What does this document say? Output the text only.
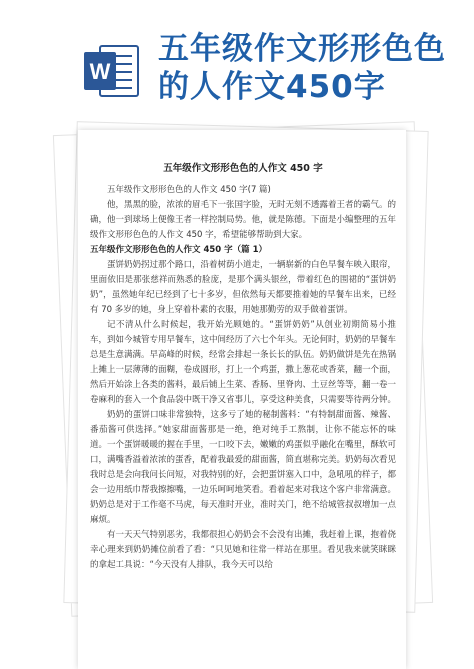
W
五年级作文形形色色的人作文450字
五年级作文形形色色的人作文 450 字

五年级作文形形色色的人作文 450 字(7 篇)

他，黑黑的脸，浓浓的眉毛下一张国字脸，无时无刻不透露着王者的霸气。的确，他一到球场上便像王者一样控制局势。他，就是陈德。下面是小编整理的五年级作文形形色色的人作文 450 字，希望能够帮助到大家。

五年级作文形形色色的人作文 450 字（篇 1）

蛋饼奶奶拐过那个路口，沿着树荫小道走，一辆崭新的白色早餐车映入眼帘，里面依旧是那张慈祥而熟悉的脸庞，是那个满头银丝，带着红色的围裙的“蛋饼奶奶”，虽然她年纪已经到了七十多岁，但依然每天都要推着她的早餐车出来，已经有 70 多岁的她，身上穿着朴素的衣服，用她那勤劳的双手做着蛋饼。

记不清从什么时候起，我开始光顾她的。“蛋饼奶奶”从创业初期简易小推车，到如今城管专用早餐车，这中间经历了六七个年头。无论何时，奶奶的早餐车总是生意满满。早高峰的时候，经常会排起一条长长的队伍。奶奶做饼是先在热锅上摊上一层薄薄的面糊，卷成圆形，打上一个鸡蛋，撒上葱花或香菜，翻一个面，然后开始涂上各类的酱料，最后铺上生菜、香肠、里脊肉、土豆丝等等，翻一卷一卷麻利的套入一个食品袋中既干净又省事儿，享受这种美食，只需要等待两分钟。

奶奶的蛋饼口味非常独特，这多亏了她的秘制酱料：“有特制甜面酱、辣酱、番茄酱可供选择。”她家甜面酱那是一绝，绝对纯手工熬制，让你不能忘怀的味道。一个蛋饼暖暖的握在手里，一口咬下去，嫩嫩的鸡蛋似乎融化在嘴里，酥软可口，满嘴香溢着浓浓的蛋香，配着我最爱的甜面酱，简直堪称完美。奶奶每次看见我时总是会向我问长问短，对我特别的好，会把蛋饼塞入口中，急吼吼的样子，都会一边用纸巾帮我擦擦嘴，一边乐呵呵地笑看。看着起来对我这个客户非常满意。奶奶总是对于工作毫不马虎，每天准时开业，准时关门，绝不给城管叔叔增加一点麻烦。

有一天天气特别恶劣，我都很担心奶奶会不会没有出摊，我赶着上课，抱着侥幸心理来到奶奶摊位前看了看：“只见她和往常一样站在那里。看见我来就笑眯眯的拿起工具说：“今天没有人排队，我今天可以给
